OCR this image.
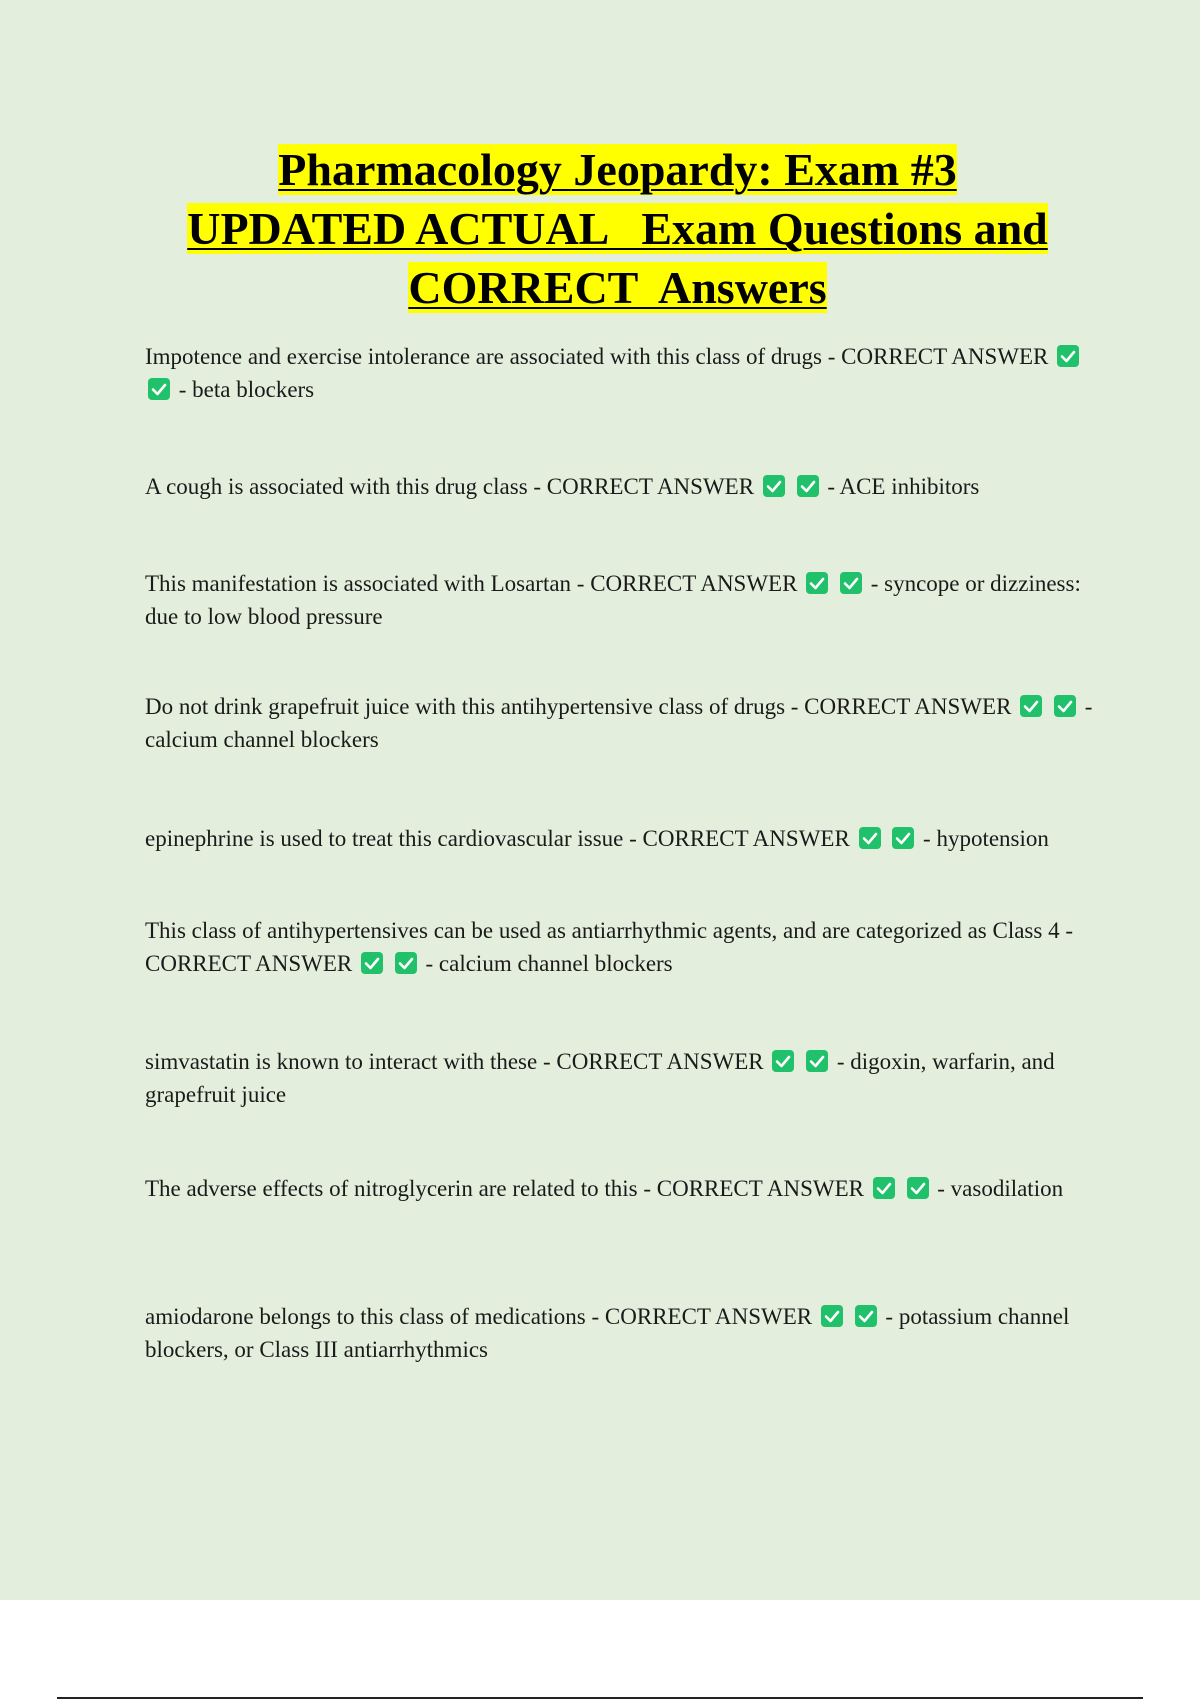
Pharmacology Jeopardy: Exam #3
UPDATED ACTUAL   Exam Questions and
CORRECT  Answers

Impotence and exercise intolerance are associated with this class of drugs - CORRECT ANSWER

- beta blockers

A cough is associated with this drug class - CORRECT ANSWER
	- ACE inhibitors

This manifestation is associated with Losartan - CORRECT ANSWER
	- syncope or dizziness: due to low blood pressure

Do not drink grapefruit juice with this antihypertensive class of drugs - CORRECT ANSWER
	- calcium channel blockers

epinephrine is used to treat this cardiovascular issue - CORRECT ANSWER
	- hypotension

This class of antihypertensives can be used as antiarrhythmic agents, and are categorized as Class 4 - CORRECT ANSWER
	- calcium channel blockers

simvastatin is known to interact with these - CORRECT ANSWER
	- digoxin, warfarin, and grapefruit juice

The adverse effects of nitroglycerin are related to this - CORRECT ANSWER
	- vasodilation

amiodarone belongs to this class of medications - CORRECT ANSWER
	- potassium channel blockers, or Class III antiarrhythmics
